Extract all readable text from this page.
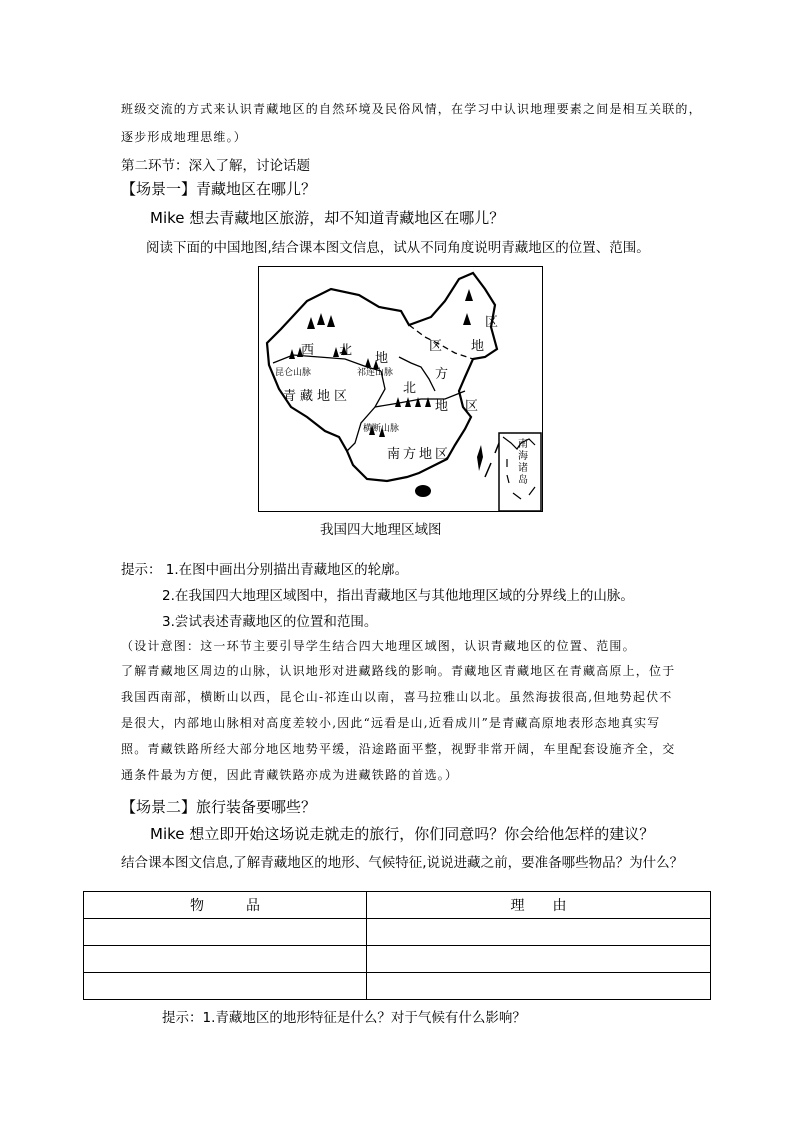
班级交流的方式来认识青藏地区的自然环境及民俗风情，在学习中认识地理要素之间是相互关联的，
逐步形成地理思维。）
第二环节：深入了解，讨论话题
【场景一】青藏地区在哪儿？
Mike 想去青藏地区旅游，却不知道青藏地区在哪儿？
阅读下面的中国地图,结合课本图文信息，试从不同角度说明青藏地区的位置、范围。
西 北
地
区
区
地
昆仑山脉	祁连山脉
青藏地区
北
方
地 区
横断山脉
南方地区
南海诸岛
我国四大地理区域图
提示： 1.在图中画出分别描出青藏地区的轮廓。
2.在我国四大地理区域图中，指出青藏地区与其他地理区域的分界线上的山脉。
3.尝试表述青藏地区的位置和范围。
（设计意图：这一环节主要引导学生结合四大地理区域图，认识青藏地区的位置、范围。
了解青藏地区周边的山脉，认识地形对进藏路线的影响。青藏地区青藏地区在青藏高原上，位于
我国西南部，横断山以西，昆仑山-祁连山以南，喜马拉雅山以北。虽然海拔很高,但地势起伏不
是很大，内部地山脉相对高度差较小,因此“远看是山,近看成川”是青藏高原地表形态地真实写
照。青藏铁路所经大部分地区地势平缓，沿途路面平整，视野非常开阔，车里配套设施齐全，交
通条件最为方便，因此青藏铁路亦成为进藏铁路的首选。）
【场景二】旅行装备要哪些？
Mike 想立即开始这场说走就走的旅行，你们同意吗？你会给他怎样的建议？
结合课本图文信息,了解青藏地区的地形、气候特征,说说进藏之前，要准备哪些物品？为什么？
物　　　品	理　　由

提示：1.青藏地区的地形特征是什么？对于气候有什么影响？
